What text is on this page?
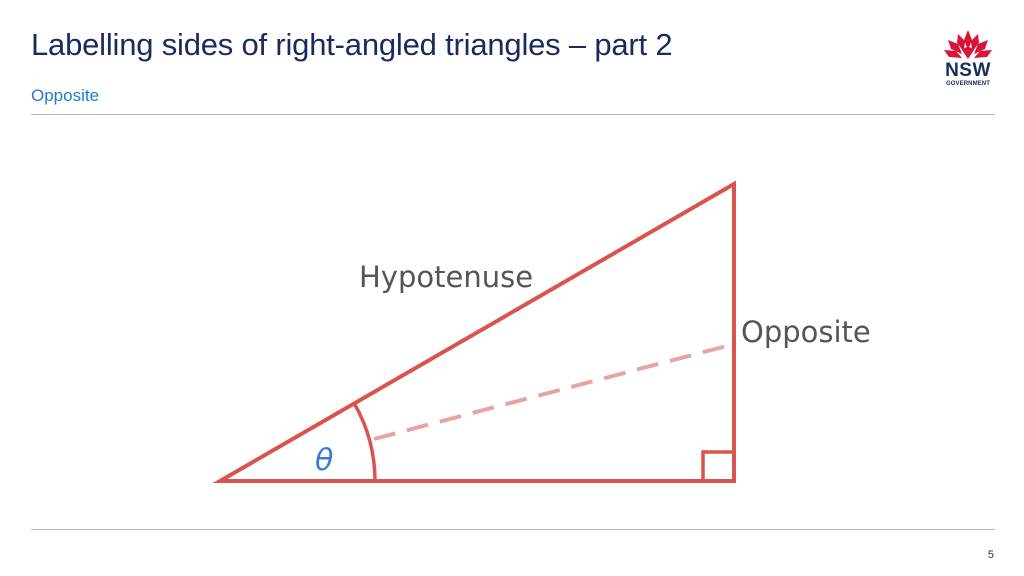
Labelling sides of right-angled triangles – part 2
Opposite
NSW
GOVERNMENT
Hypotenuse
Opposite
θ
5
